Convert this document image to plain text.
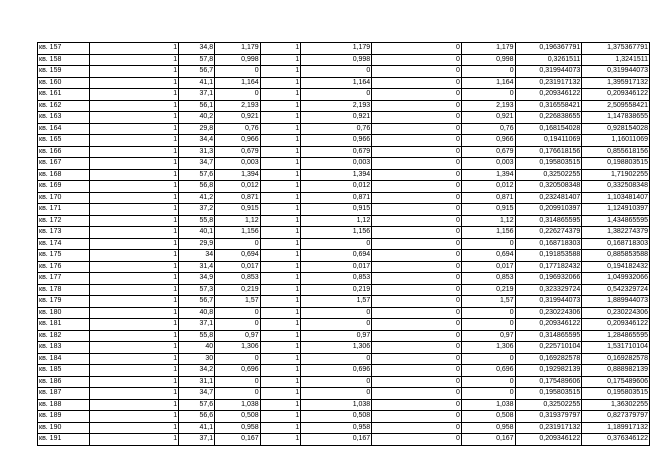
кв. 157	1	34,8	1,179	1	1,179	0	1,179	0,196367791	1,375367791
кв. 158	1	57,8	0,998	1	0,998	0	0,998	0,3261511	1,3241511
кв. 159	1	56,7	0	1	0	0	0	0,319944073	0,319944073
кв. 160	1	41,1	1,164	1	1,164	0	1,164	0,231917132	1,395917132
кв. 161	1	37,1	0	1	0	0	0	0,209346122	0,209346122
кв. 162	1	56,1	2,193	1	2,193	0	2,193	0,316558421	2,509558421
кв. 163	1	40,2	0,921	1	0,921	0	0,921	0,226838655	1,147838655
кв. 164	1	29,8	0,76	1	0,76	0	0,76	0,168154028	0,928154028
кв. 165	1	34,4	0,966	1	0,966	0	0,966	0,19411069	1,16011069
кв. 166	1	31,3	0,679	1	0,679	0	0,679	0,176618156	0,855618156
кв. 167	1	34,7	0,003	1	0,003	0	0,003	0,195803515	0,198803515
кв. 168	1	57,6	1,394	1	1,394	0	1,394	0,32502255	1,71902255
кв. 169	1	56,8	0,012	1	0,012	0	0,012	0,320508348	0,332508348
кв. 170	1	41,2	0,871	1	0,871	0	0,871	0,232481407	1,103481407
кв. 171	1	37,2	0,915	1	0,915	0	0,915	0,209910397	1,124910397
кв. 172	1	55,8	1,12	1	1,12	0	1,12	0,314865595	1,434865595
кв. 173	1	40,1	1,156	1	1,156	0	1,156	0,226274379	1,382274379
кв. 174	1	29,9	0	1	0	0	0	0,168718303	0,168718303
кв. 175	1	34	0,694	1	0,694	0	0,694	0,191853588	0,885853588
кв. 176	1	31,4	0,017	1	0,017	0	0,017	0,177182432	0,194182432
кв. 177	1	34,9	0,853	1	0,853	0	0,853	0,196932066	1,049932066
кв. 178	1	57,3	0,219	1	0,219	0	0,219	0,323329724	0,542329724
кв. 179	1	56,7	1,57	1	1,57	0	1,57	0,319944073	1,889944073
кв. 180	1	40,8	0	1	0	0	0	0,230224306	0,230224306
кв. 181	1	37,1	0	1	0	0	0	0,209346122	0,209346122
кв. 182	1	55,8	0,97	1	0,97	0	0,97	0,314865595	1,284865595
кв. 183	1	40	1,306	1	1,306	0	1,306	0,225710104	1,531710104
кв. 184	1	30	0	1	0	0	0	0,169282578	0,169282578
кв. 185	1	34,2	0,696	1	0,696	0	0,696	0,192982139	0,888982139
кв. 186	1	31,1	0	1	0	0	0	0,175489606	0,175489606
кв. 187	1	34,7	0	1	0	0	0	0,195803515	0,195803515
кв. 188	1	57,6	1,038	1	1,038	0	1,038	0,32502255	1,36302255
кв. 189	1	56,6	0,508	1	0,508	0	0,508	0,319379797	0,827379797
кв. 190	1	41,1	0,958	1	0,958	0	0,958	0,231917132	1,189917132
кв. 191	1	37,1	0,167	1	0,167	0	0,167	0,209346122	0,376346122
